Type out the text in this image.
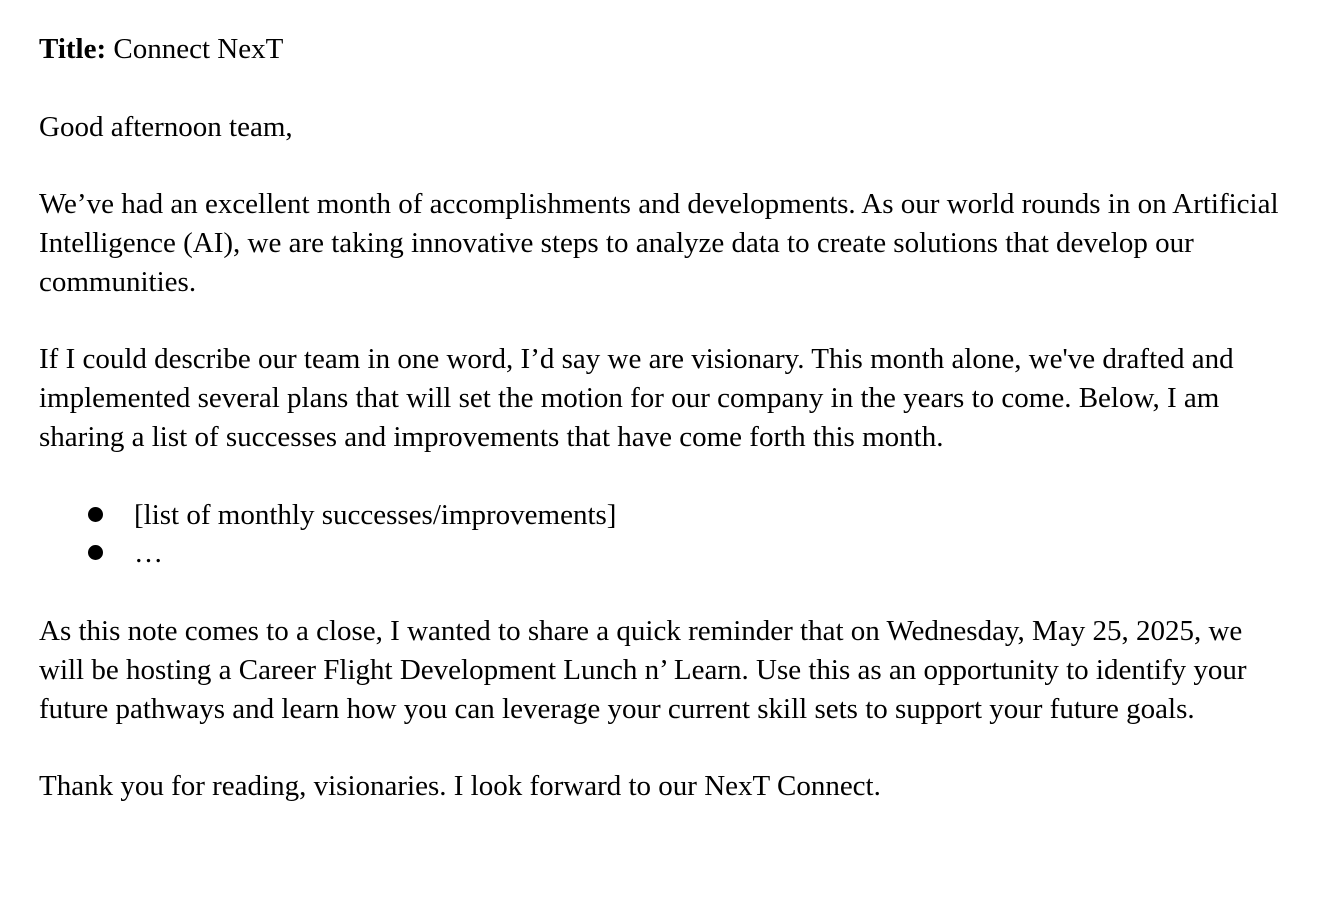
Title: Connect NexT

Good afternoon team,

We’ve had an excellent month of accomplishments and developments. As our world rounds in on Artificial Intelligence (AI), we are taking innovative steps to analyze data to create solutions that develop our communities.

If I could describe our team in one word, I’d say we are visionary. This month alone, we've drafted and implemented several plans that will set the motion for our company in the years to come. Below, I am sharing a list of successes and improvements that have come forth this month.

[list of monthly successes/improvements]
…

As this note comes to a close, I wanted to share a quick reminder that on Wednesday, May 25, 2025, we will be hosting a Career Flight Development Lunch n’ Learn. Use this as an opportunity to identify your future pathways and learn how you can leverage your current skill sets to support your future goals.

Thank you for reading, visionaries. I look forward to our NexT Connect.
